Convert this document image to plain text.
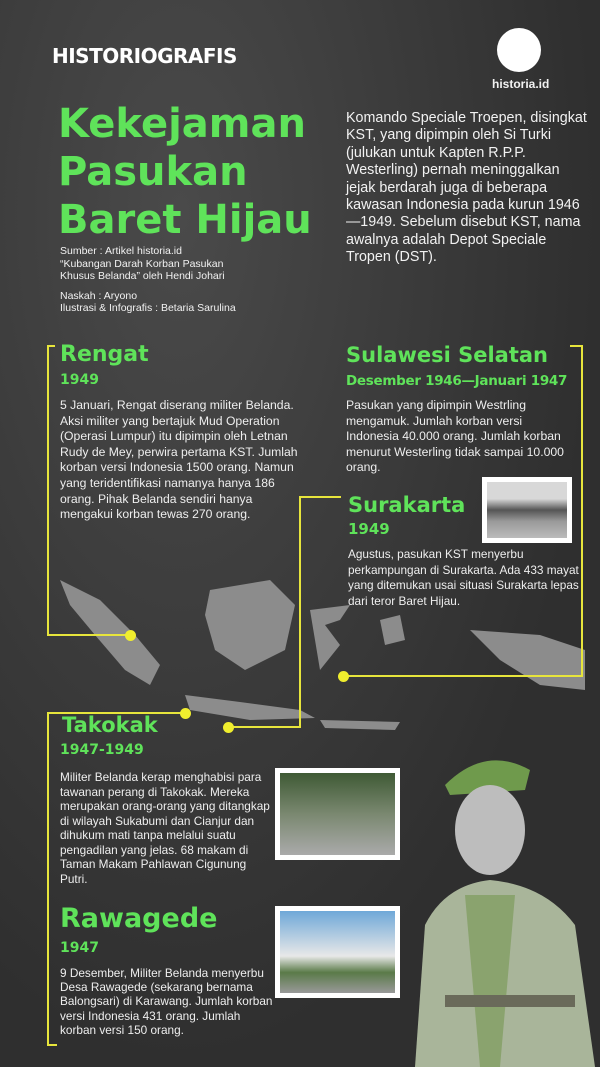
HISTORIOGRAFIS
historia.id
Kekejaman
Pasukan
Baret Hijau
Sumber : Artikel historia.id
“Kubangan Darah Korban Pasukan
Khusus Belanda” oleh Hendi Johari
Naskah : Aryono
Ilustrasi & Infografis : Betaria Sarulina
Komando Speciale Troepen, disingkat KST, yang dipimpin oleh Si Turki (julukan untuk Kapten R.P.P. Westerling) pernah meninggalkan jejak berdarah juga di beberapa kawasan Indonesia pada kurun 1946—1949. Sebelum disebut KST, nama awalnya adalah Depot Speciale Tropen (DST).
Rengat
1949
5 Januari, Rengat diserang militer Belanda. Aksi militer yang bertajuk Mud Operation (Operasi Lumpur) itu dipimpin oleh Letnan Rudy de Mey, perwira pertama KST. Jumlah korban versi Indonesia 1500 orang. Namun yang teridentifikasi namanya hanya 186 orang. Pihak Belanda sendiri hanya mengakui korban tewas 270 orang.
Sulawesi Selatan
Desember 1946—Januari 1947
Pasukan yang dipimpin Westrling mengamuk. Jumlah korban versi Indonesia 40.000 orang. Jumlah korban menurut Westerling tidak sampai 10.000 orang.
Surakarta
1949
Agustus, pasukan KST menyerbu perkampungan di Surakarta. Ada 433 mayat yang ditemukan usai situasi Surakarta lepas dari teror Baret Hijau.
Takokak
1947-1949
Militer Belanda kerap menghabisi para tawanan perang di Takokak. Mereka merupakan orang-orang yang ditangkap di wilayah Sukabumi dan Cianjur dan dihukum mati tanpa melalui suatu pengadilan yang jelas. 68 makam di Taman Makam Pahlawan Cigunung Putri.
Rawagede
1947
9 Desember, Militer Belanda menyerbu Desa Rawagede (sekarang bernama Balongsari) di Karawang. Jumlah korban versi Indonesia 431 orang. Jumlah korban versi 150 orang.
